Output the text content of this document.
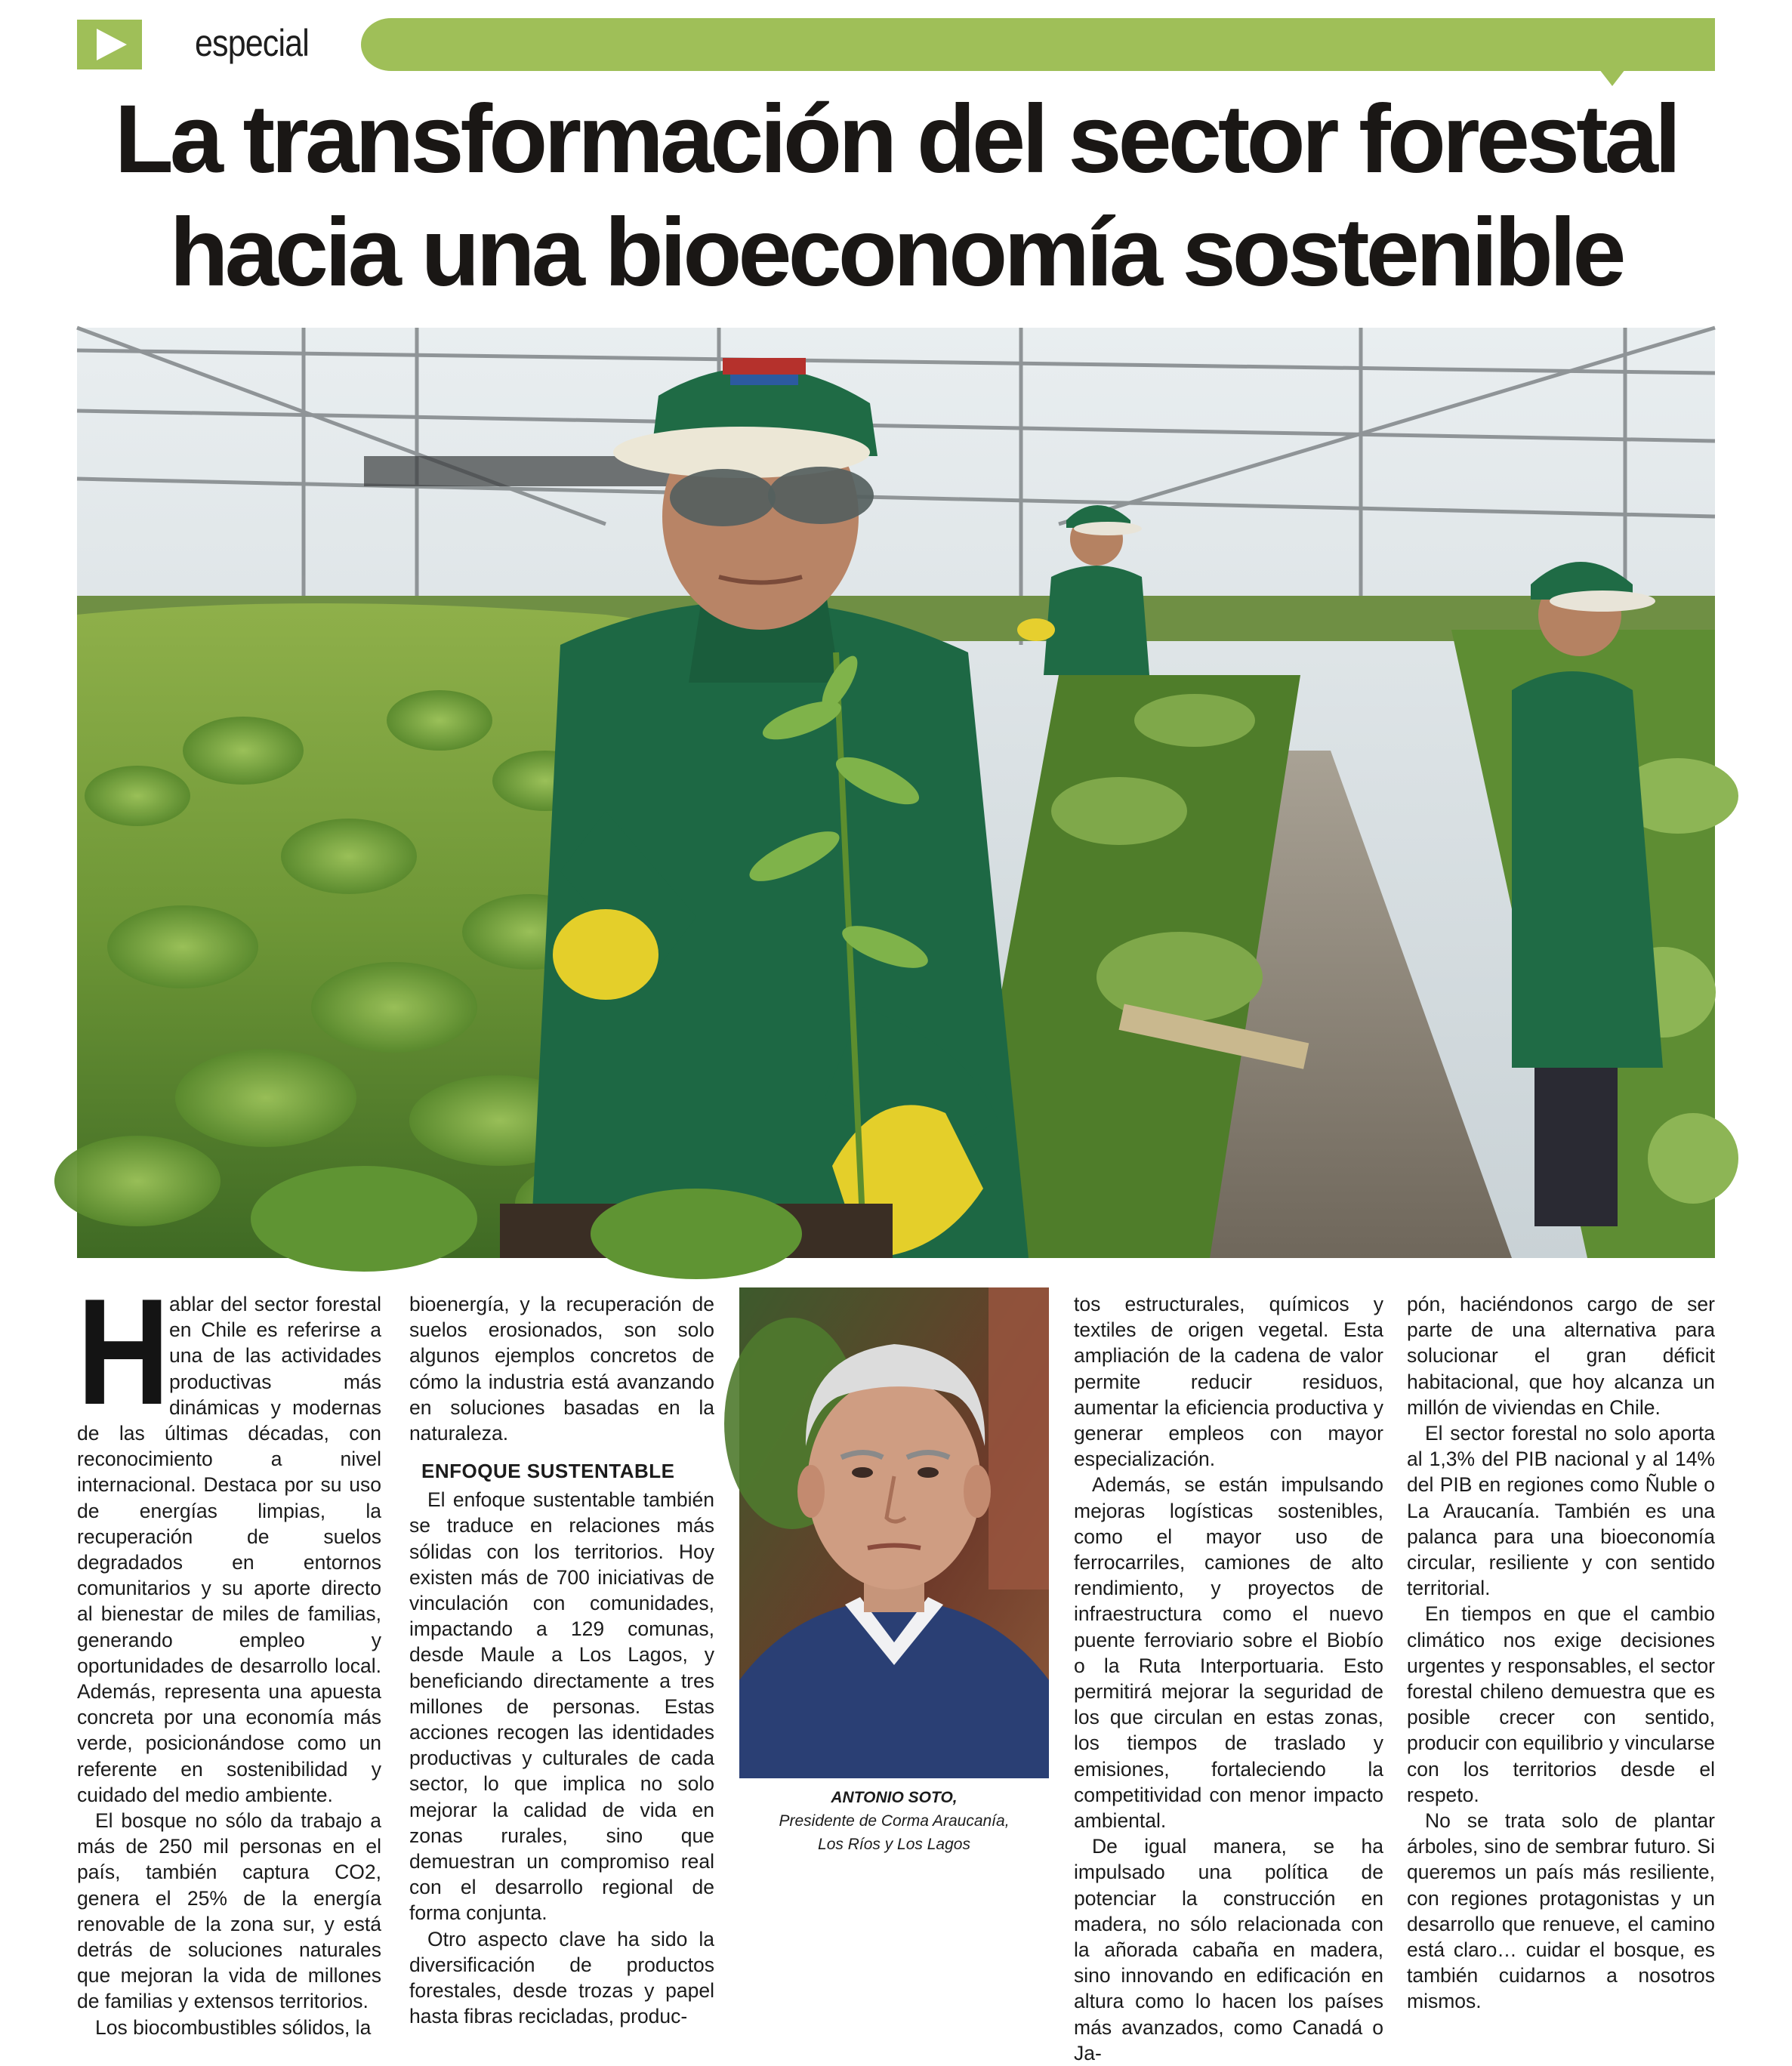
especial
La transformación del sector forestal
hacia una bioeconomía sostenible
H ablar del sector forestal en Chile es referirse a una de las actividades productivas más dinámicas y modernas de las últimas décadas, con reconocimiento a nivel internacional. Destaca por su uso de energías limpias, la recuperación de suelos degradados en entornos comunitarios y su aporte directo al bienestar de miles de familias, generando empleo y oportunidades de desarrollo local. Además, representa una apuesta concreta por una economía más verde, posicionándose como un referente en sostenibilidad y cuidado del medio ambiente.

El bosque no sólo da trabajo a más de 250 mil personas en el país, también captura CO2, genera el 25% de la energía renovable de la zona sur, y está detrás de soluciones naturales que mejoran la vida de millones de familias y extensos territorios.

Los biocombustibles sólidos, la

bioenergía, y la recuperación de suelos erosionados, son solo algunos ejemplos concretos de cómo la industria está avanzando en soluciones basadas en la naturaleza.

ENFOQUE SUSTENTABLE

El enfoque sustentable también se traduce en relaciones más sólidas con los territorios. Hoy existen más de 700 iniciativas de vinculación con comunidades, impactando a 129 comunas, desde Maule a Los Lagos, y beneficiando directamente a tres millones de personas. Estas acciones recogen las identidades productivas y culturales de cada sector, lo que implica no solo mejorar la calidad de vida en zonas rurales, sino que demuestran un compromiso real con el desarrollo regional de forma conjunta.

Otro aspecto clave ha sido la diversificación de productos forestales, desde trozas y papel hasta fibras recicladas, produc-

ANTONIO SOTO,
Presidente de Corma Araucanía,
Los Ríos y Los Lagos

tos estructurales, químicos y textiles de origen vegetal. Esta ampliación de la cadena de valor permite reducir residuos, aumentar la eficiencia productiva y generar empleos con mayor especialización.

Además, se están impulsando mejoras logísticas sostenibles, como el mayor uso de ferrocarriles, camiones de alto rendimiento, y proyectos de infraestructura como el nuevo puente ferroviario sobre el Biobío o la Ruta Interportuaria. Esto permitirá mejorar la seguridad de los que circulan en estas zonas, los tiempos de traslado y emisiones, fortaleciendo la competitividad con menor impacto ambiental.

De igual manera, se ha impulsado una política de potenciar la construcción en madera, no sólo relacionada con la añorada cabaña en madera, sino innovando en edificación en altura como lo hacen los países más avanzados, como Canadá o Ja-

pón, haciéndonos cargo de ser parte de una alternativa para solucionar el gran déficit habitacional, que hoy alcanza un millón de viviendas en Chile.

El sector forestal no solo aporta al 1,3% del PIB nacional y al 14% del PIB en regiones como Ñuble o La Araucanía. También es una palanca para una bioeconomía circular, resiliente y con sentido territorial.

En tiempos en que el cambio climático nos exige decisiones urgentes y responsables, el sector forestal chileno demuestra que es posible crecer con sentido, producir con equilibrio y vincularse con los territorios desde el respeto.

No se trata solo de plantar árboles, sino de sembrar futuro. Si queremos un país más resiliente, con regiones protagonistas y un desarrollo que renueve, el camino está claro… cuidar el bosque, es también cuidarnos a nosotros mismos.
